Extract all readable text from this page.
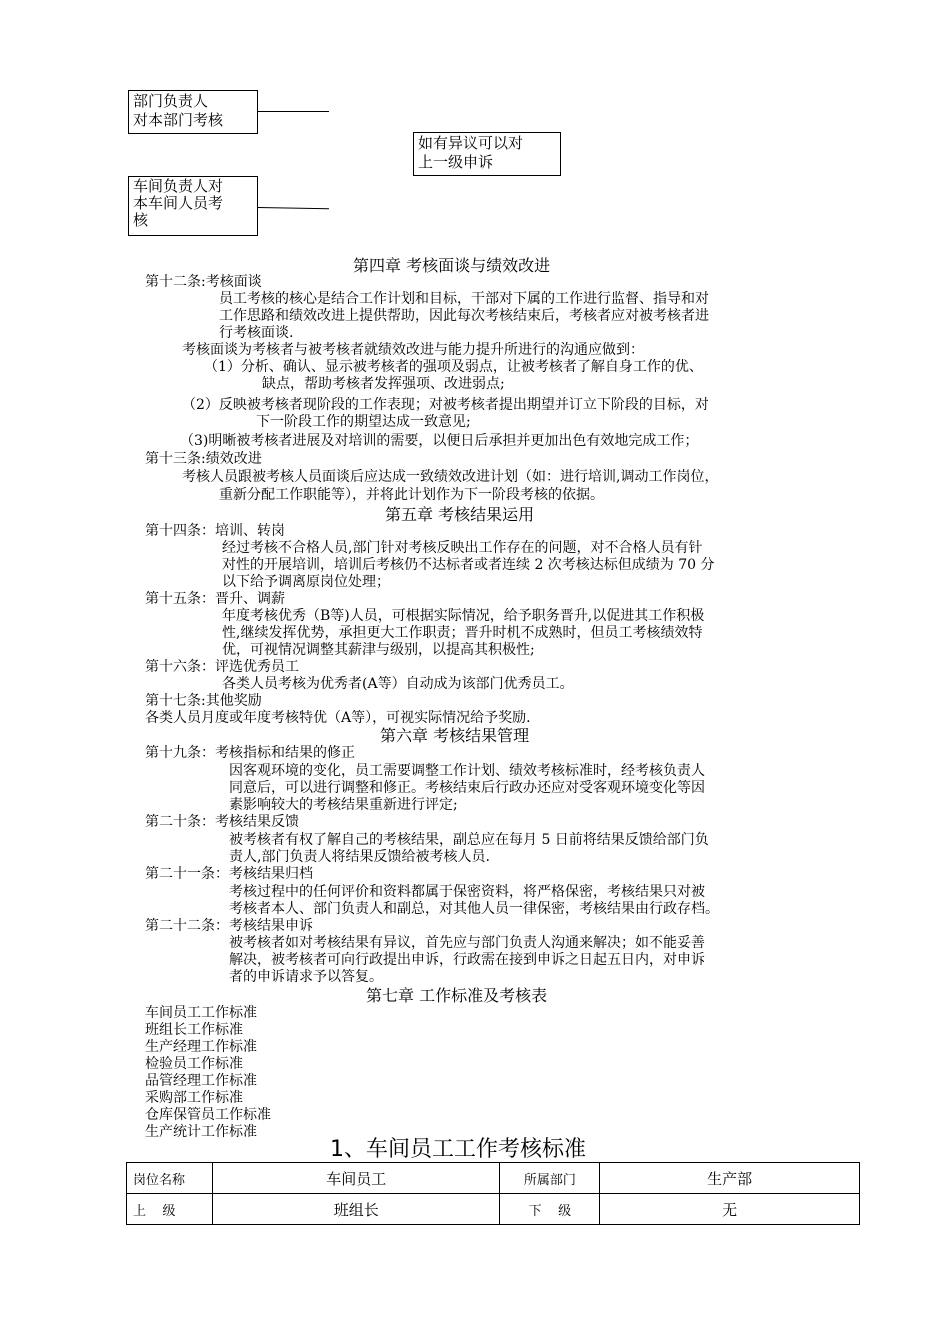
部门负责人
对本部门考核
如有异议可以对
上一级申诉
车间负责人对
本车间人员考
核
第四章 考核面谈与绩效改进
第十二条:考核面谈
员工考核的核心是结合工作计划和目标，干部对下属的工作进行监督、指导和对
工作思路和绩效改进上提供帮助，因此每次考核结束后，考核者应对被考核者进
行考核面谈.
考核面谈为考核者与被考核者就绩效改进与能力提升所进行的沟通应做到：
（1）分析、确认、显示被考核者的强项及弱点，让被考核者了解自身工作的优、
缺点，帮助考核者发挥强项、改进弱点;
（2）反映被考核者现阶段的工作表现；对被考核者提出期望并订立下阶段的目标，对
下一阶段工作的期望达成一致意见;
（3)明晰被考核者进展及对培训的需要，以便日后承担并更加出色有效地完成工作；
第十三条:绩效改进
考核人员跟被考核人员面谈后应达成一致绩效改进计划（如：进行培训,调动工作岗位，
重新分配工作职能等），并将此计划作为下一阶段考核的依据。
第五章 考核结果运用
第十四条：培训、转岗
经过考核不合格人员,部门针对考核反映出工作存在的问题，对不合格人员有针
对性的开展培训，培训后考核仍不达标者或者连续 2 次考核达标但成绩为 70 分
以下给予调离原岗位处理；
第十五条：晋升、调薪
年度考核优秀（B等)人员，可根据实际情况，给予职务晋升,以促进其工作积极
性,继续发挥优势，承担更大工作职责；晋升时机不成熟时，但员工考核绩效特
优，可视情况调整其薪津与级别，以提高其积极性;
第十六条：评选优秀员工
各类人员考核为优秀者(A等）自动成为该部门优秀员工。
第十七条:其他奖励
各类人员月度或年度考核特优（A等），可视实际情况给予奖励.
第六章 考核结果管理
第十九条：考核指标和结果的修正
因客观环境的变化，员工需要调整工作计划、绩效考核标准时，经考核负责人
同意后，可以进行调整和修正。考核结束后行政办还应对受客观环境变化等因
素影响较大的考核结果重新进行评定;
第二十条：考核结果反馈
被考核者有权了解自己的考核结果，副总应在每月 5 日前将结果反馈给部门负
责人,部门负责人将结果反馈给被考核人员.
第二十一条：考核结果归档
考核过程中的任何评价和资料都属于保密资料，将严格保密，考核结果只对被
考核者本人、部门负责人和副总，对其他人员一律保密，考核结果由行政存档。
第二十二条：考核结果申诉
被考核者如对考核结果有异议，首先应与部门负责人沟通来解决；如不能妥善
解决，被考核者可向行政提出申诉，行政需在接到申诉之日起五日内，对申诉
者的申诉请求予以答复。
第七章 工作标准及考核表
车间员工工作标准
班组长工作标准
生产经理工作标准
检验员工作标准
品管经理工作标准
采购部工作标准
仓库保管员工作标准
生产统计工作标准
1、车间员工工作考核标准
岗位名称	车间员工	所属部门	生产部
上    级	班组长	下    级	无
